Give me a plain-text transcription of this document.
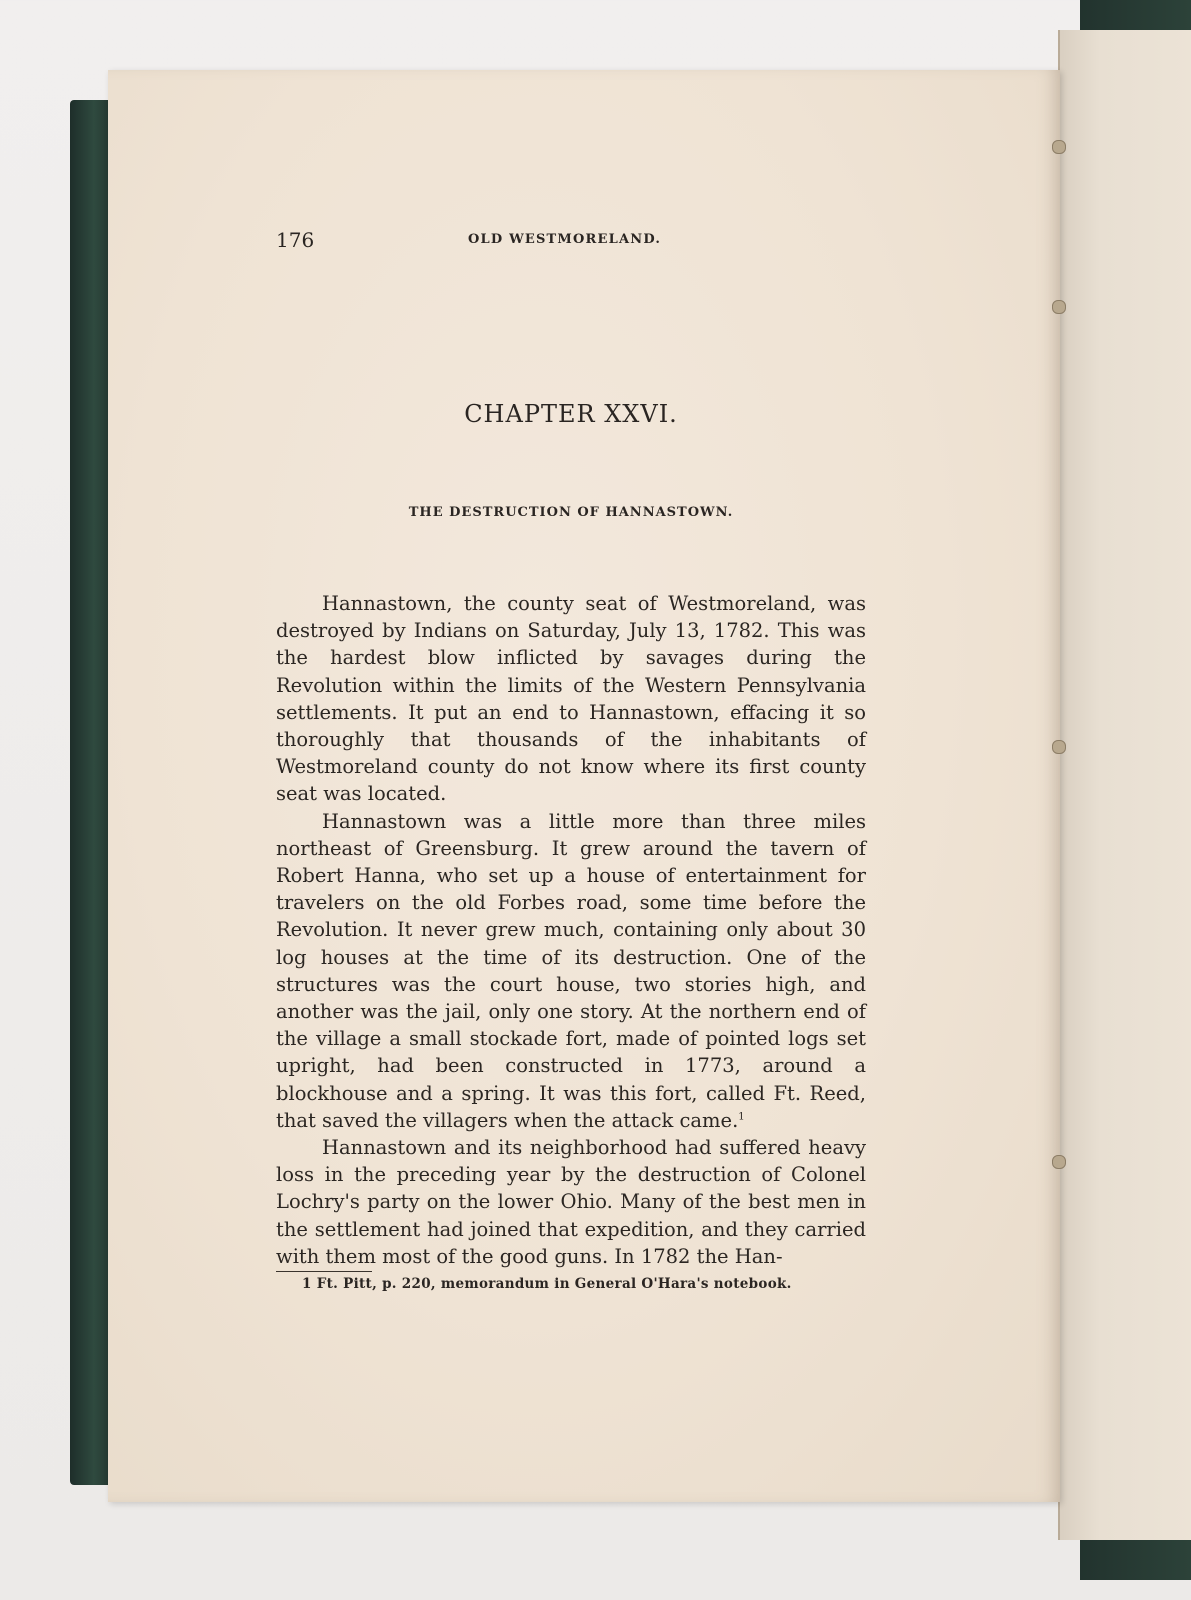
176	OLD WESTMORELAND.
CHAPTER XXVI.
THE DESTRUCTION OF HANNASTOWN.

Hannastown, the county seat of Westmoreland, was destroyed by Indians on Saturday, July 13, 1782. This was the hardest blow inflicted by savages during the Revolution within the limits of the Western Pennsylvania settlements. It put an end to Hannastown, effacing it so thoroughly that thousands of the inhabitants of Westmoreland county do not know where its first county seat was located.

Hannastown was a little more than three miles northeast of Greensburg. It grew around the tavern of Robert Hanna, who set up a house of entertainment for travelers on the old Forbes road, some time before the Revolution. It never grew much, containing only about 30 log houses at the time of its destruction. One of the structures was the court house, two stories high, and another was the jail, only one story. At the northern end of the village a small stockade fort, made of pointed logs set upright, had been constructed in 1773, around a blockhouse and a spring. It was this fort, called Ft. Reed, that saved the villagers when the attack came.$^1$

Hannastown and its neighborhood had suffered heavy loss in the preceding year by the destruction of Colonel Lochry's party on the lower Ohio. Many of the best men in the settlement had joined that expedition, and they carried with them most of the good guns. In 1782 the Han-

1 Ft. Pitt, p. 220, memorandum in General O'Hara's notebook.
